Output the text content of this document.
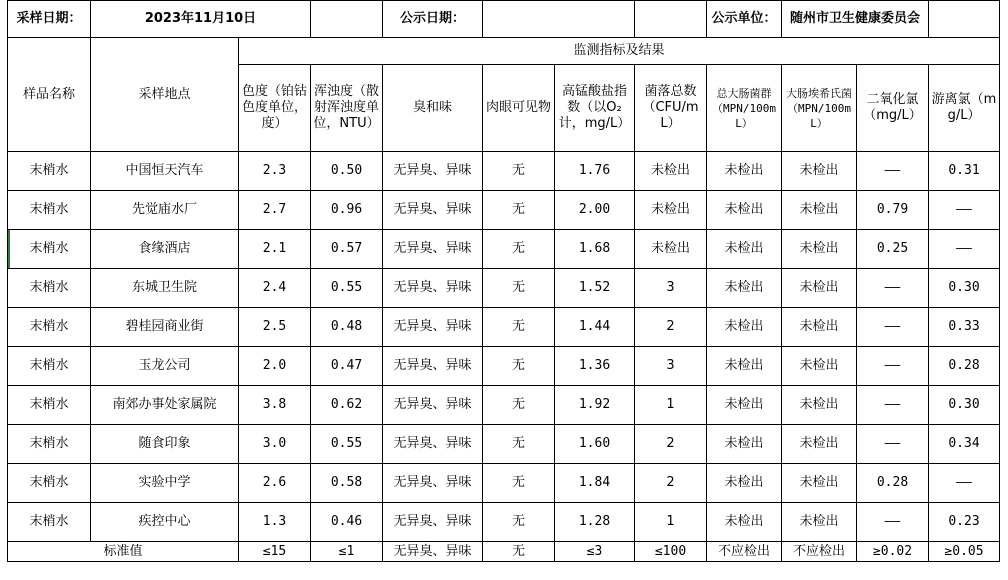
采样日期：	2023年11月10日			公示日期：				公示单位：	随州市卫生健康委员会		
样品名称	采样地点	监测指标及结果									
		色度（铂钴色度单位，度）	浑浊度（散射浑浊度单位，NTU）	臭和味	肉眼可见物	高锰酸盐指数（以O₂计，mg/L）	菌落总数（CFU/mL）	总大肠菌群（MPN/100mL）	大肠埃希氏菌（MPN/100mL）	二氧化氯（mg/L）	游离氯（mg/L）
末梢水	中国恒天汽车	2.3	0.50	无异臭、异味	无	1.76	未检出	未检出	未检出	——	0.31
末梢水	先觉庙水厂	2.7	0.96	无异臭、异味	无	2.00	未检出	未检出	未检出	0.79	——
末梢水	食缘酒店	2.1	0.57	无异臭、异味	无	1.68	未检出	未检出	未检出	0.25	——
末梢水	东城卫生院	2.4	0.55	无异臭、异味	无	1.52	3	未检出	未检出	——	0.30
末梢水	碧桂园商业街	2.5	0.48	无异臭、异味	无	1.44	2	未检出	未检出	——	0.33
末梢水	玉龙公司	2.0	0.47	无异臭、异味	无	1.36	3	未检出	未检出	——	0.28
末梢水	南郊办事处家属院	3.8	0.62	无异臭、异味	无	1.92	1	未检出	未检出	——	0.30
末梢水	随食印象	3.0	0.55	无异臭、异味	无	1.60	2	未检出	未检出	——	0.34
末梢水	实验中学	2.6	0.58	无异臭、异味	无	1.84	2	未检出	未检出	0.28	——
末梢水	疾控中心	1.3	0.46	无异臭、异味	无	1.28	1	未检出	未检出	——	0.23
标准值		≤15	≤1	无异臭、异味	无	≤3	≤100	不应检出	不应检出	≥0.02	≥0.05
